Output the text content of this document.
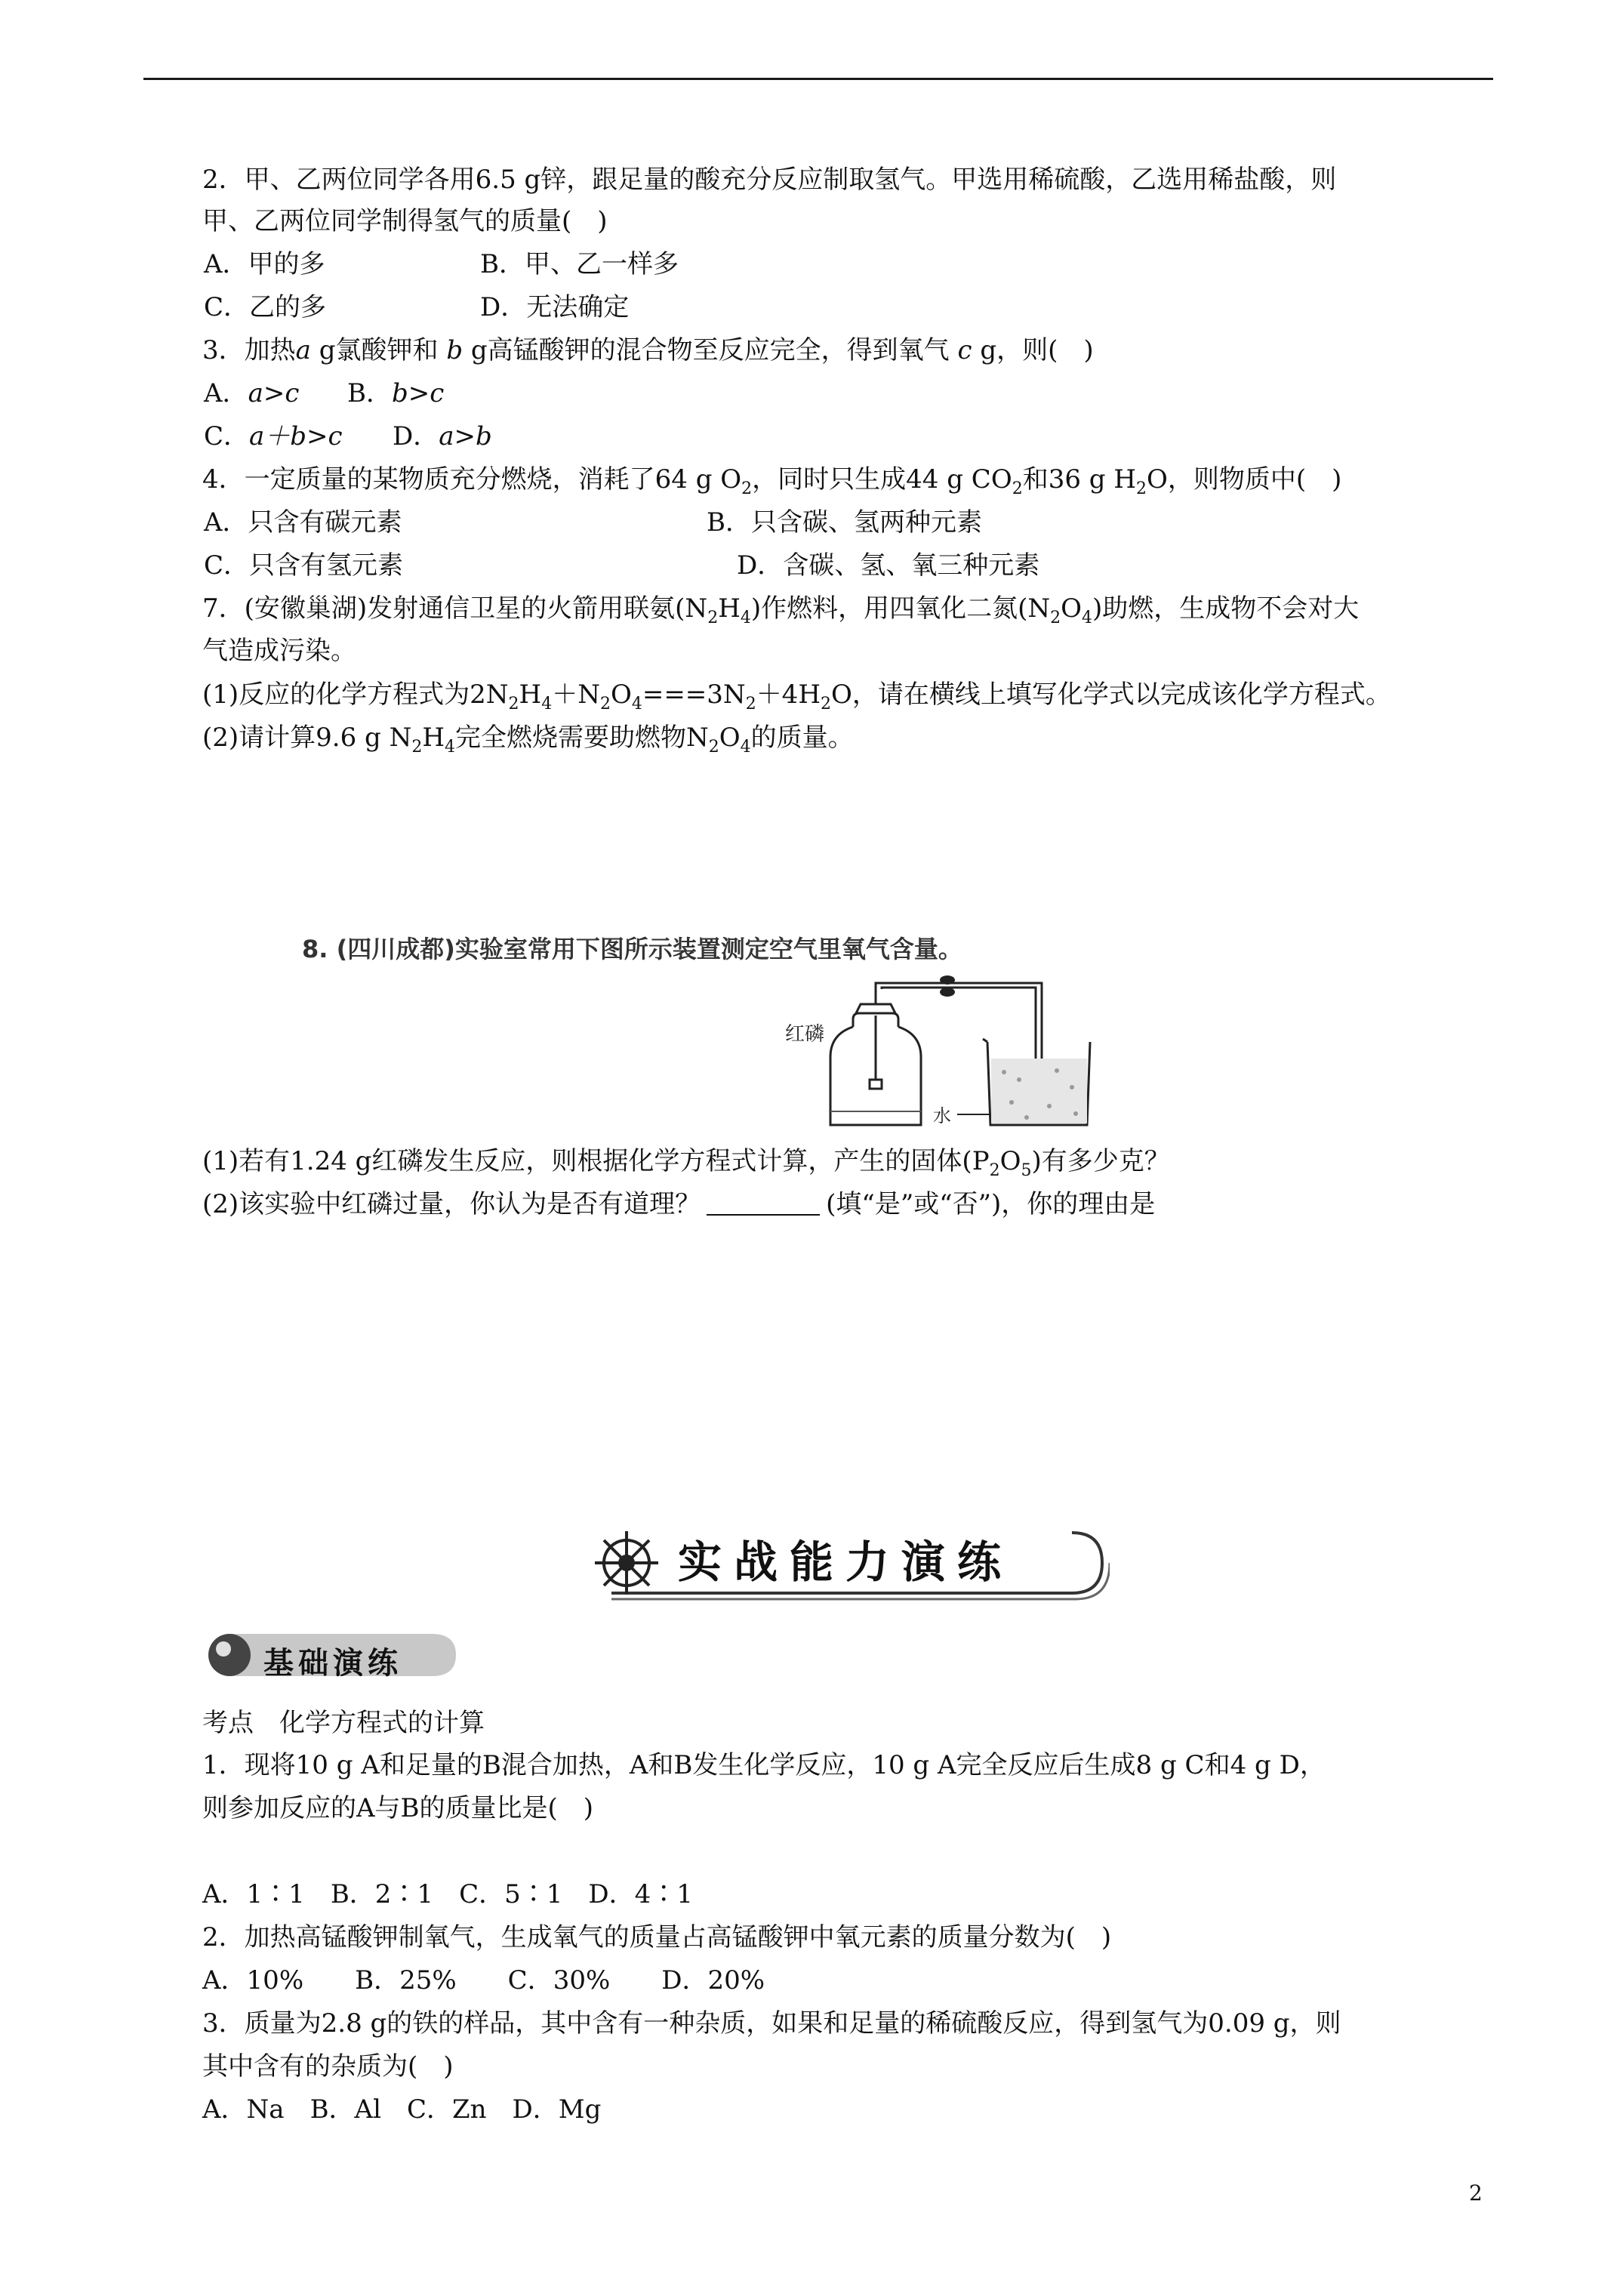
2．甲、乙两位同学各用6.5 g锌，跟足量的酸充分反应制取氢气。甲选用稀硫酸，乙选用稀盐酸，则
甲、乙两位同学制得氢气的质量(　)
A．甲的多	B．甲、乙一样多
C．乙的多	D．无法确定
3．加热a g氯酸钾和 b g高锰酸钾的混合物至反应完全，得到氧气 c g，则(　)
A．a>c B．b>c
C．a＋b>c D．a>b
4．一定质量的某物质充分燃烧，消耗了64 g $O_2$，同时只生成44 g $CO_2$和36 g $H_2O$，则物质中(　)
A．只含有碳元素	B．只含碳、氢两种元素
C．只含有氢元素	D．含碳、氢、氧三种元素
7．(安徽巢湖)发射通信卫星的火箭用联氨$(N_2H_4)$作燃料，用四氧化二氮$(N_2O_4)$助燃，生成物不会对大
气造成污染。
(1)反应的化学方程式为$2N_2H_4+N_2O_4===3N_2+4H_2O$，请在横线上填写化学式以完成该化学方程式。
(2)请计算9.6 g $N_2H_4$完全燃烧需要助燃物$N_2O_4$的质量。
8. (四川成都)实验室常用下图所示装置测定空气里氧气含量。
红磷
水
(1)若有1.24 g红磷发生反应，则根据化学方程式计算，产生的固体$(P_2O_5)$有多少克？
(2)该实验中红磷过量，你认为是否有道理？	(填“是”或“否”)，你的理由是
实战能力演练
基础演练
考点　化学方程式的计算
1．现将10 g A和足量的B混合加热，A和B发生化学反应，10 g A完全反应后生成8 g C和4 g D，
则参加反应的A与B的质量比是(　)
A．1∶1　B．2∶1　C．5∶1　D．4∶1
2．加热高锰酸钾制氧气，生成氧气的质量占高锰酸钾中氧元素的质量分数为(　)
A．10%　　B．25%　　C．30%　　D．20%
3．质量为2.8 g的铁的样品，其中含有一种杂质，如果和足量的稀硫酸反应，得到氢气为0.09 g，则
其中含有的杂质为(　)
A．Na　B．Al　C．Zn　D．Mg
2
